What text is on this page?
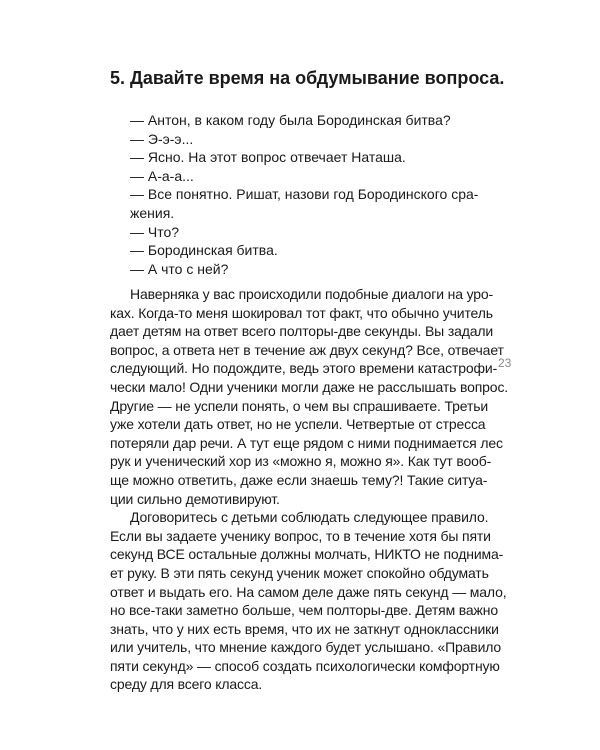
5. Давайте время на обдумывание вопроса.
— Антон, в каком году была Бородинская битва?
— Э-э-э...
— Ясно. На этот вопрос отвечает Наташа.
— А-а-а...
— Все понятно. Ришат, назови год Бородинского сра-
жения.
— Что?
— Бородинская битва.
— А что с ней?

Наверняка у вас происходили подобные диалоги на уро-
ках. Когда-то меня шокировал тот факт, что обычно учитель
дает детям на ответ всего полторы-две секунды. Вы задали
вопрос, а ответа нет в течение аж двух секунд? Все, отвечает
следующий. Но подождите, ведь этого времени катастрофи-
чески мало! Одни ученики могли даже не расслышать вопрос.
Другие — не успели понять, о чем вы спрашиваете. Третьи
уже хотели дать ответ, но не успели. Четвертые от стресса
потеряли дар речи. А тут еще рядом с ними поднимается лес
рук и ученический хор из «можно я, можно я». Как тут вооб-
ще можно ответить, даже если знаешь тему?! Такие ситуа-
ции сильно демотивируют.

Договоритесь с детьми соблюдать следующее правило.
Если вы задаете ученику вопрос, то в течение хотя бы пяти
секунд ВСЕ остальные должны молчать, НИКТО не поднима-
ет руку. В эти пять секунд ученик может спокойно обдумать
ответ и выдать его. На самом деле даже пять секунд — мало,
но все-таки заметно больше, чем полторы-две. Детям важно
знать, что у них есть время, что их не заткнут одноклассники
или учитель, что мнение каждого будет услышано. «Правило
пяти секунд» — способ создать психологически комфортную
среду для всего класса.

23
